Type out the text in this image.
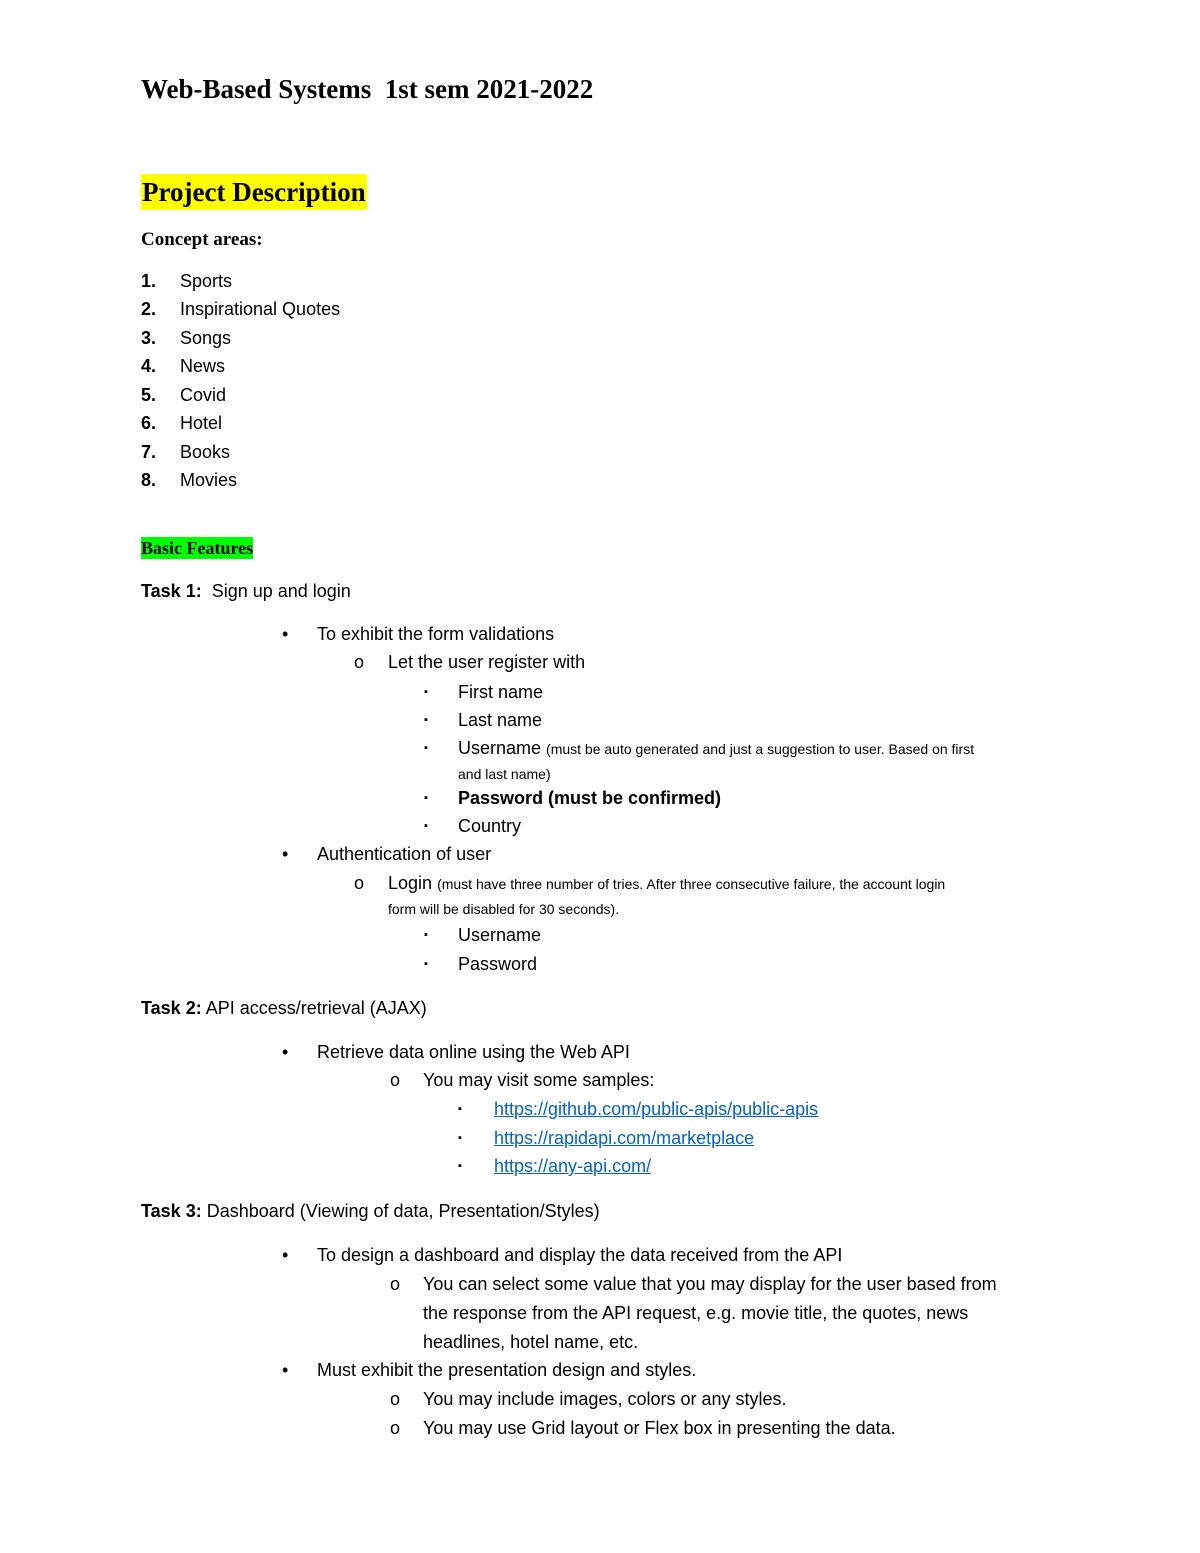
Web-Based Systems  1st sem 2021-2022
Project Description
Concept areas:
1. Sports
2. Inspirational Quotes
3. Songs
4. News
5. Covid
6. Hotel
7. Books
8. Movies
Basic Features
Task 1:  Sign up and login
• To exhibit the form validations
o Let the user register with
▪ First name
▪ Last name
▪ Username (must be auto generated and just a suggestion to user. Based on first
and last name)
▪ Password (must be confirmed)
▪ Country
• Authentication of user
o Login (must have three number of tries. After three consecutive failure, the account login
form will be disabled for 30 seconds).
▪ Username
▪ Password
Task 2: API access/retrieval (AJAX)
• Retrieve data online using the Web API
o You may visit some samples:
▪ https://github.com/public-apis/public-apis
▪ https://rapidapi.com/marketplace
▪ https://any-api.com/
Task 3: Dashboard (Viewing of data, Presentation/Styles)
• To design a dashboard and display the data received from the API
o You can select some value that you may display for the user based from
the response from the API request, e.g. movie title, the quotes, news
headlines, hotel name, etc.
• Must exhibit the presentation design and styles.
o You may include images, colors or any styles.
o You may use Grid layout or Flex box in presenting the data.
